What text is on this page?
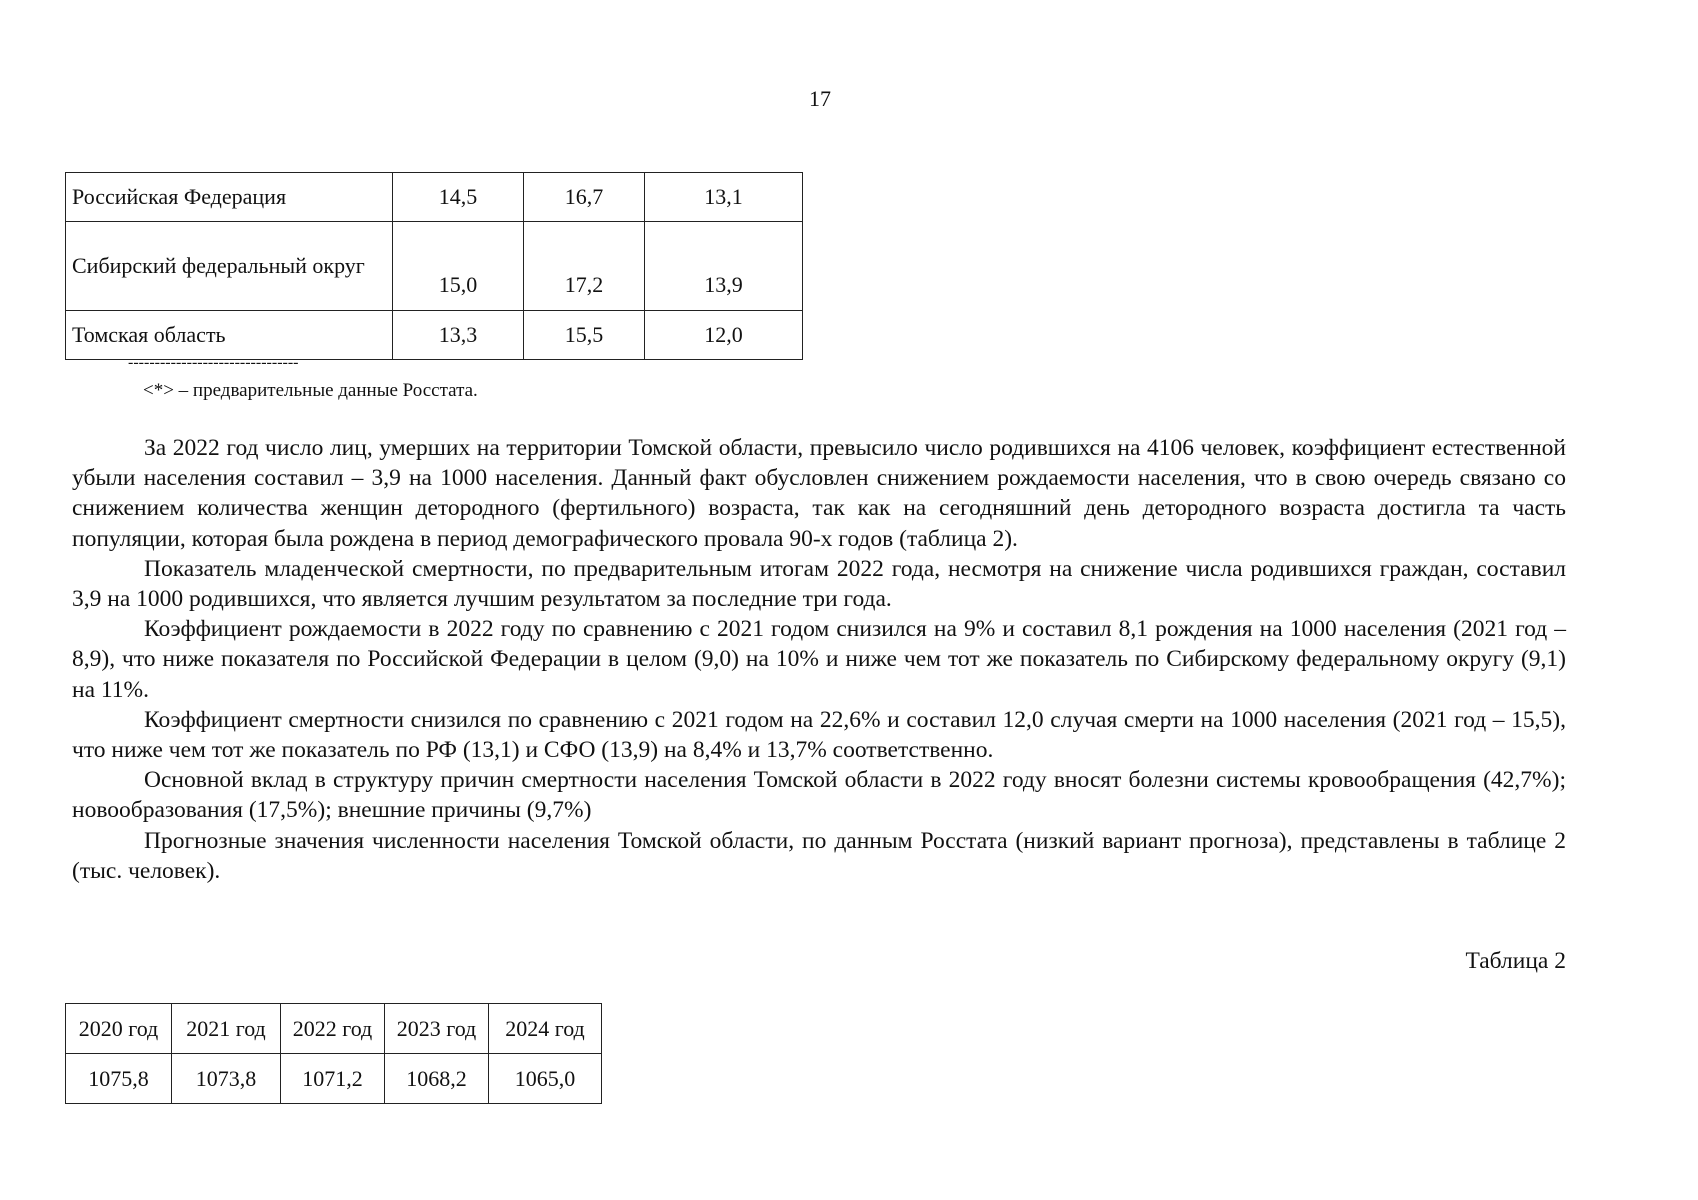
17
Российская Федерация	14,5	16,7	13,1
Сибирский федеральный округ	15,0	17,2	13,9
Томская область	13,3	15,5	12,0
--------------------------------
<*> – предварительные данные Росстата.

За 2022 год число лиц, умерших на территории Томской области, превысило число родившихся на 4106 человек, коэффициент естественной убыли населения составил – 3,9 на 1000 населения. Данный факт обусловлен снижением рождаемости населения, что в свою очередь связано со снижением количества женщин детородного (фертильного) возраста, так как на сегодняшний день детородного возраста достигла та часть популяции, которая была рождена в период демографического провала 90-х годов (таблица 2).

Показатель младенческой смертности, по предварительным итогам 2022 года, несмотря на снижение числа родившихся граждан, составил 3,9 на 1000 родившихся, что является лучшим результатом за последние три года.

Коэффициент рождаемости в 2022 году по сравнению с 2021 годом снизился на 9% и составил 8,1 рождения на 1000 населения (2021 год – 8,9), что ниже показателя по Российской Федерации в целом (9,0) на 10% и ниже чем тот же показатель по Сибирскому федеральному округу (9,1) на 11%.

Коэффициент смертности снизился по сравнению с 2021 годом на 22,6% и составил 12,0 случая смерти на 1000 населения (2021 год – 15,5), что ниже чем тот же показатель по РФ (13,1) и СФО (13,9) на 8,4% и 13,7% соответственно.

Основной вклад в структуру причин смертности населения Томской области в 2022 году вносят болезни системы кровообращения (42,7%); новообразования (17,5%); внешние причины (9,7%)

Прогнозные значения численности населения Томской области, по данным Росстата (низкий вариант прогноза), представлены в таблице 2 (тыс. человек).

Таблица 2
2020 год	2021 год	2022 год	2023 год	2024 год
1075,8	1073,8	1071,2	1068,2	1065,0
